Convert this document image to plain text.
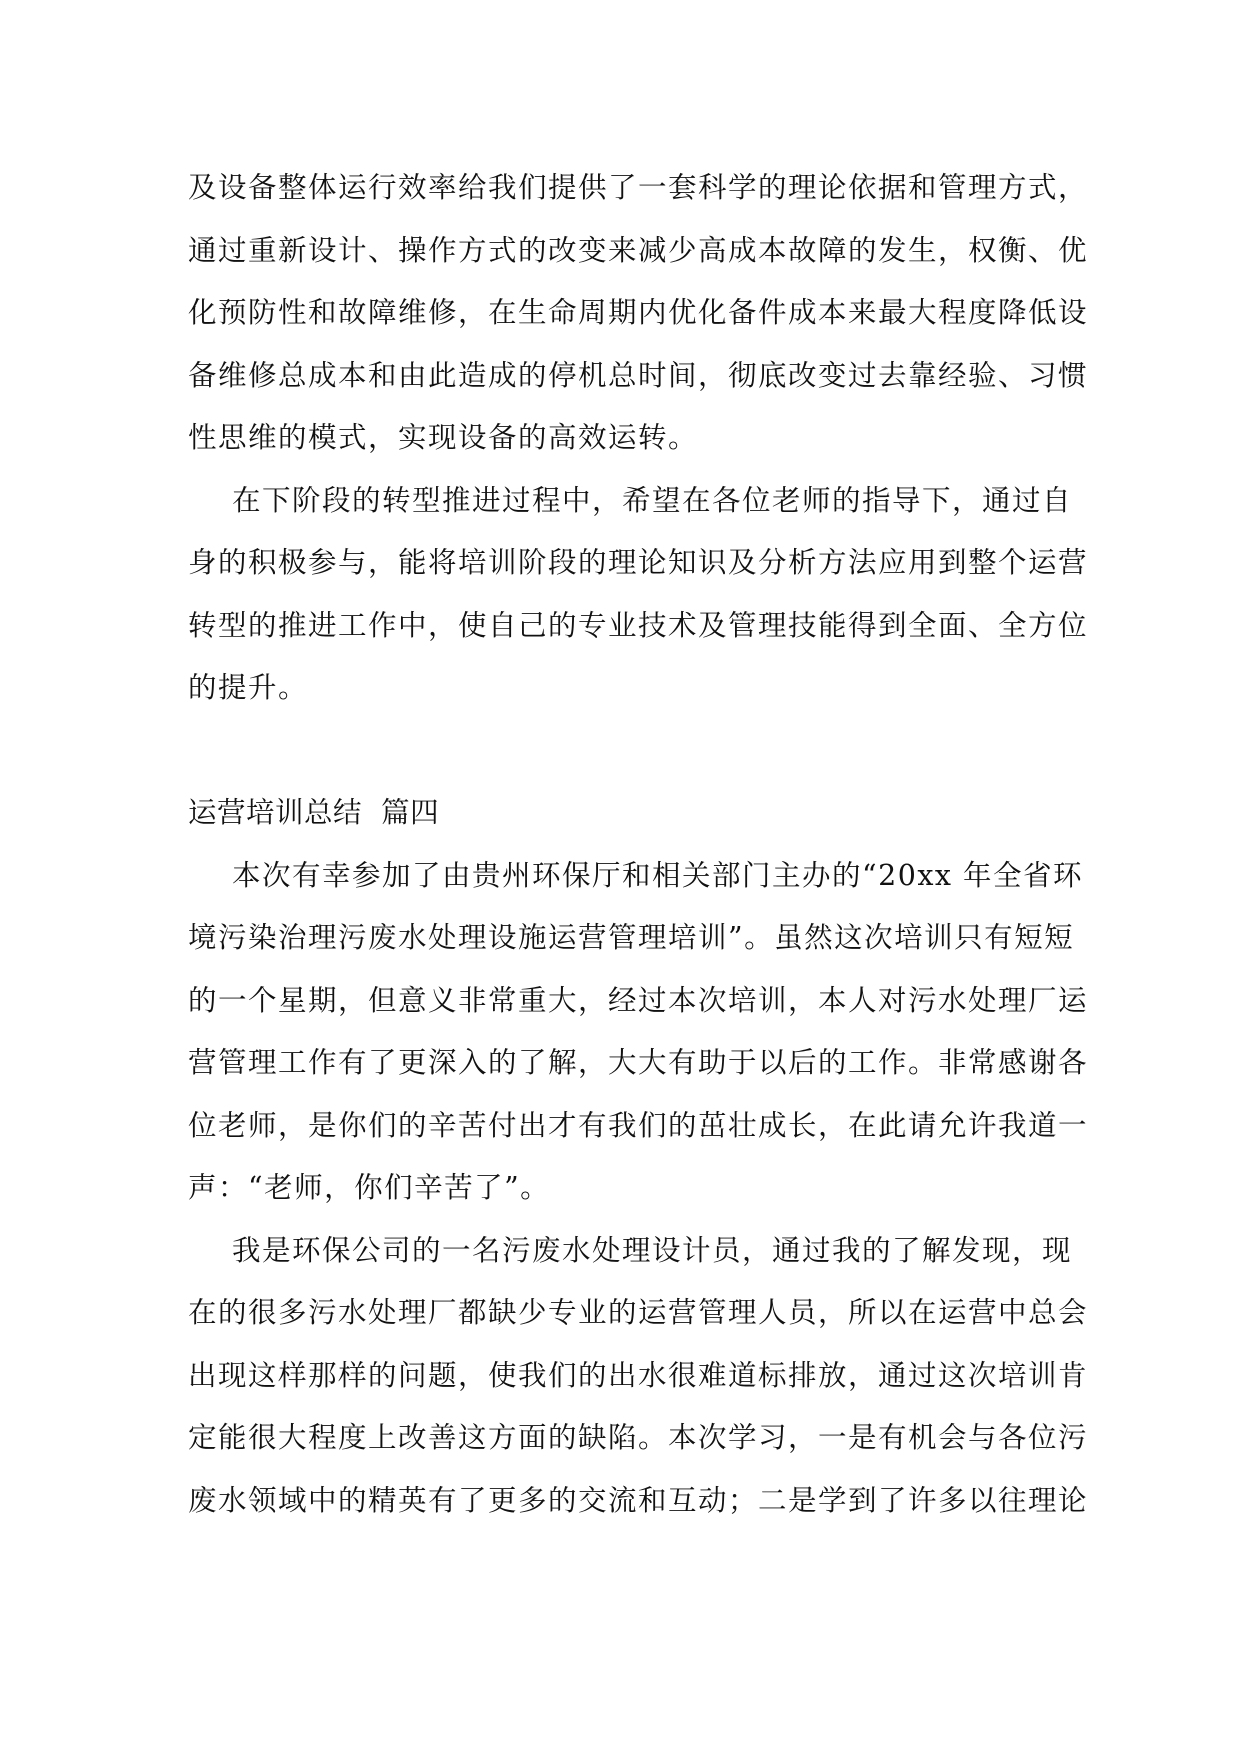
及设备整体运行效率给我们提供了一套科学的理论依据和管理方式，
通过重新设计、操作方式的改变来减少高成本故障的发生，权衡、优
化预防性和故障维修，在生命周期内优化备件成本来最大程度降低设
备维修总成本和由此造成的停机总时间，彻底改变过去靠经验、习惯
性思维的模式，实现设备的高效运转。
在下阶段的转型推进过程中，希望在各位老师的指导下，通过自
身的积极参与，能将培训阶段的理论知识及分析方法应用到整个运营
转型的推进工作中，使自己的专业技术及管理技能得到全面、全方位
的提升。
运营培训总结  篇四
本次有幸参加了由贵州环保厅和相关部门主办的“20xx 年全省环
境污染治理污废水处理设施运营管理培训”。虽然这次培训只有短短
的一个星期，但意义非常重大，经过本次培训，本人对污水处理厂运
营管理工作有了更深入的了解，大大有助于以后的工作。非常感谢各
位老师，是你们的辛苦付出才有我们的茁壮成长，在此请允许我道一
声：“老师，你们辛苦了”。
我是环保公司的一名污废水处理设计员，通过我的了解发现，现
在的很多污水处理厂都缺少专业的运营管理人员，所以在运营中总会
出现这样那样的问题，使我们的出水很难道标排放，通过这次培训肯
定能很大程度上改善这方面的缺陷。本次学习，一是有机会与各位污
废水领域中的精英有了更多的交流和互动；二是学到了许多以往理论
